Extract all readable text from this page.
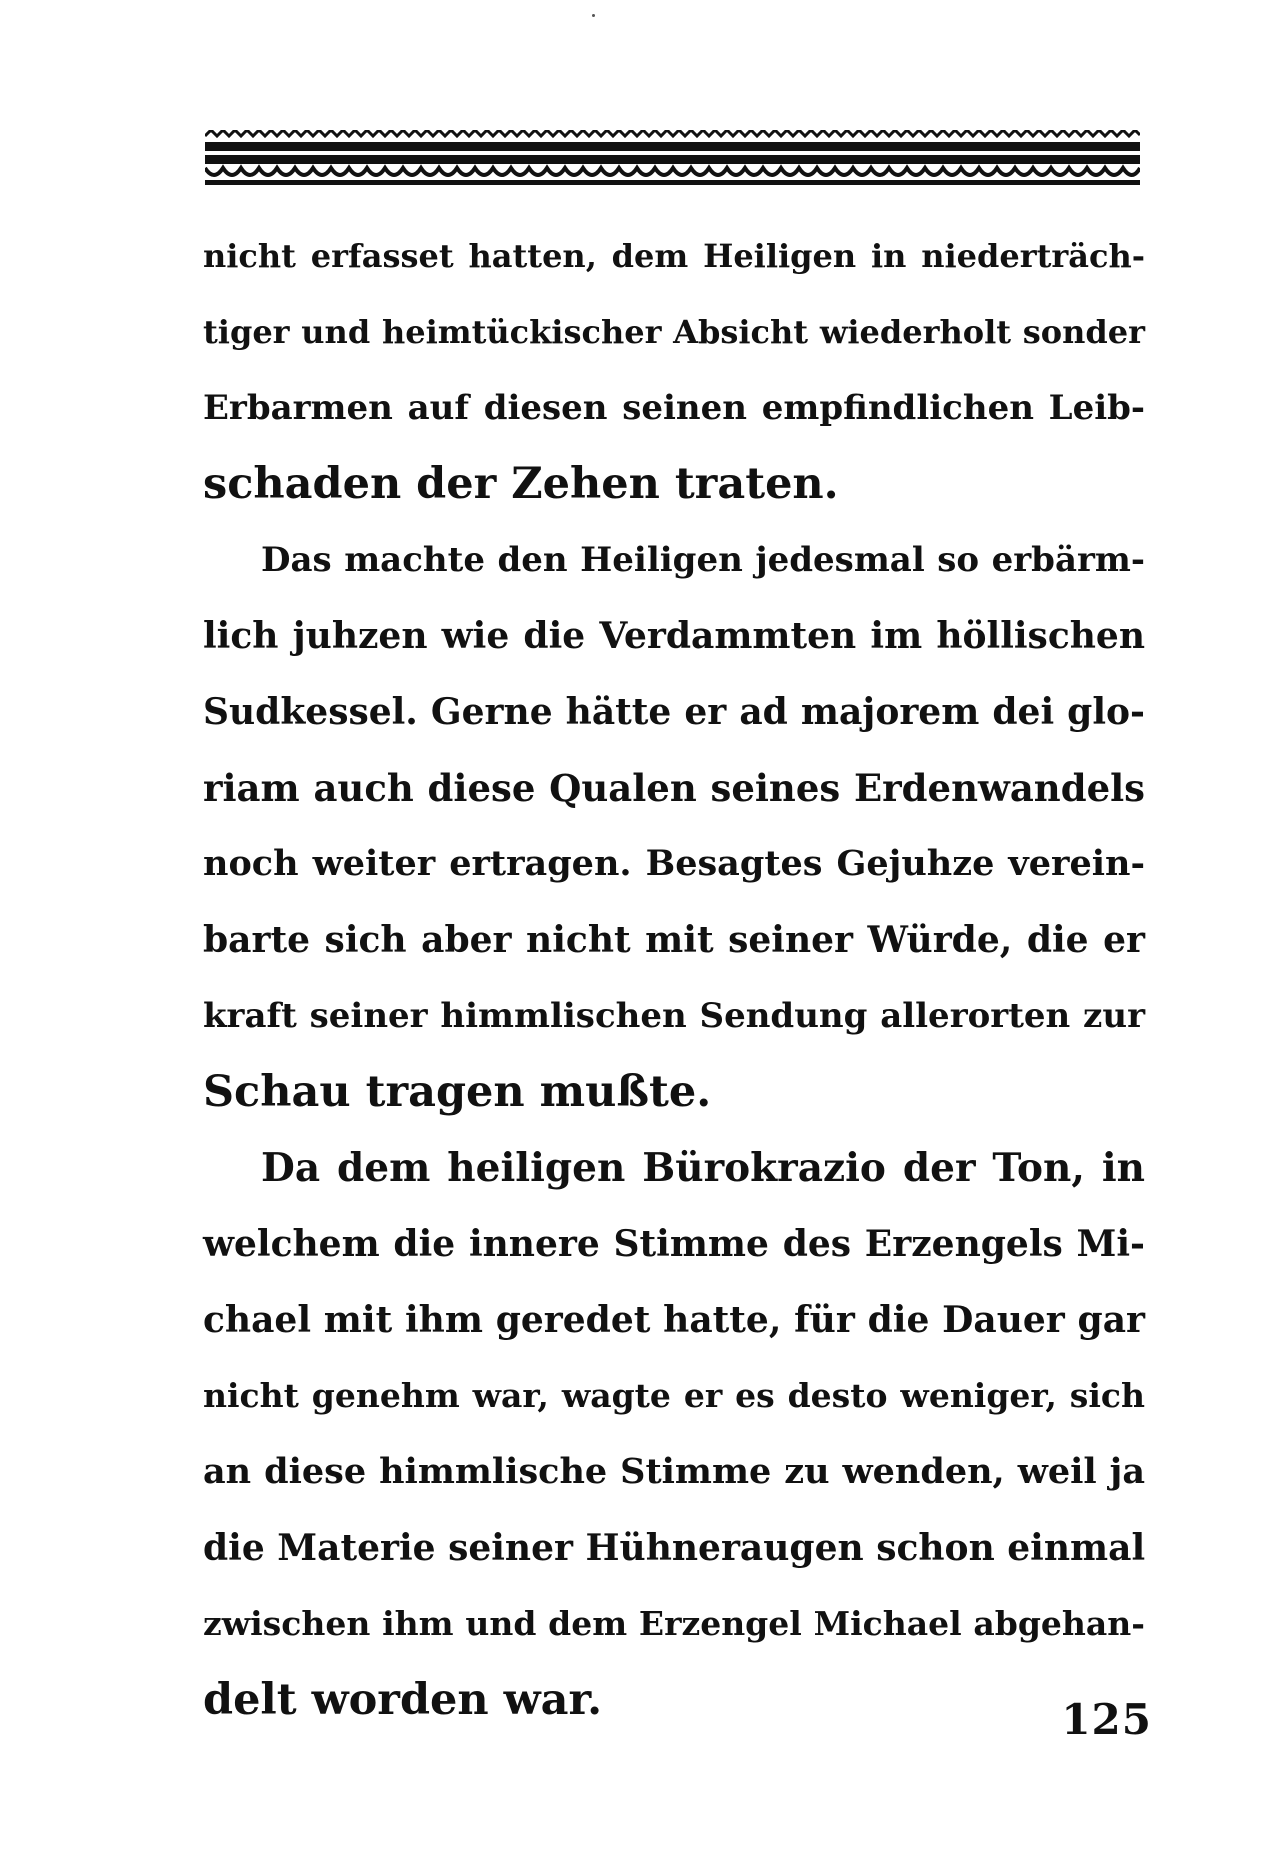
nicht erfasset hatten, dem Heiligen in niederträch-
tiger und heimtückischer Absicht wiederholt sonder
Erbarmen auf diesen seinen empfindlichen Leib-
schaden der Zehen traten.
Das machte den Heiligen jedesmal so erbärm-
lich juhzen wie die Verdammten im höllischen
Sudkessel. Gerne hätte er ad majorem dei glo-
riam auch diese Qualen seines Erdenwandels
noch weiter ertragen. Besagtes Gejuhze verein-
barte sich aber nicht mit seiner Würde, die er
kraft seiner himmlischen Sendung allerorten zur
Schau tragen mußte.
Da dem heiligen Bürokrazio der Ton, in
welchem die innere Stimme des Erzengels Mi-
chael mit ihm geredet hatte, für die Dauer gar
nicht genehm war, wagte er es desto weniger, sich
an diese himmlische Stimme zu wenden, weil ja
die Materie seiner Hühneraugen schon einmal
zwischen ihm und dem Erzengel Michael abgehan-
delt worden war.	125
